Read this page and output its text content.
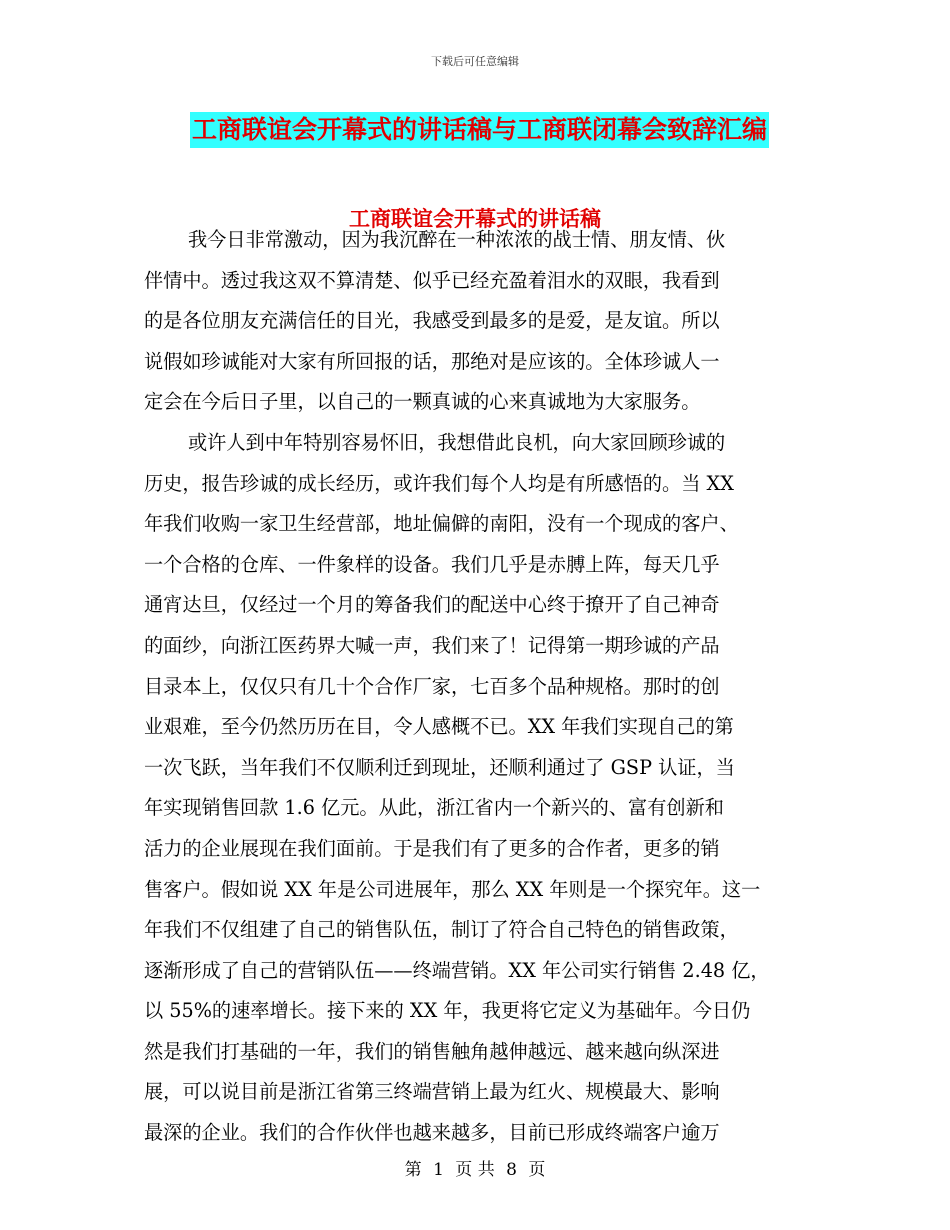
下载后可任意编辑
工商联谊会开幕式的讲话稿与工商联闭幕会致辞汇编
工商联谊会开幕式的讲话稿
我今日非常激动，因为我沉醉在一种浓浓的战士情、朋友情、伙
伴情中。透过我这双不算清楚、似乎已经充盈着泪水的双眼，我看到
的是各位朋友充满信任的目光，我感受到最多的是爱，是友谊。所以
说假如珍诚能对大家有所回报的话，那绝对是应该的。全体珍诚人一
定会在今后日子里，以自己的一颗真诚的心来真诚地为大家服务。
或许人到中年特别容易怀旧，我想借此良机，向大家回顾珍诚的
历史，报告珍诚的成长经历，或许我们每个人均是有所感悟的。当 XX
年我们收购一家卫生经营部，地址偏僻的南阳，没有一个现成的客户、
一个合格的仓库、一件象样的设备。我们几乎是赤膊上阵，每天几乎
通宵达旦，仅经过一个月的筹备我们的配送中心终于撩开了自己神奇
的面纱，向浙江医药界大喊一声，我们来了！记得第一期珍诚的产品
目录本上，仅仅只有几十个合作厂家，七百多个品种规格。那时的创
业艰难，至今仍然历历在目，令人感概不已。XX 年我们实现自己的第
一次飞跃，当年我们不仅顺利迁到现址，还顺利通过了 GSP 认证，当
年实现销售回款 1.6 亿元。从此，浙江省内一个新兴的、富有创新和
活力的企业展现在我们面前。于是我们有了更多的合作者，更多的销
售客户。假如说 XX 年是公司进展年，那么 XX 年则是一个探究年。这一
年我们不仅组建了自己的销售队伍，制订了符合自己特色的销售政策，
逐渐形成了自己的营销队伍——终端营销。XX 年公司实行销售 2.48 亿，
以 55%的速率增长。接下来的 XX 年，我更将它定义为基础年。今日仍
然是我们打基础的一年，我们的销售触角越伸越远、越来越向纵深进
展，可以说目前是浙江省第三终端营销上最为红火、规模最大、影响
最深的企业。我们的合作伙伴也越来越多，目前已形成终端客户逾万
第 1 页 共 8 页
